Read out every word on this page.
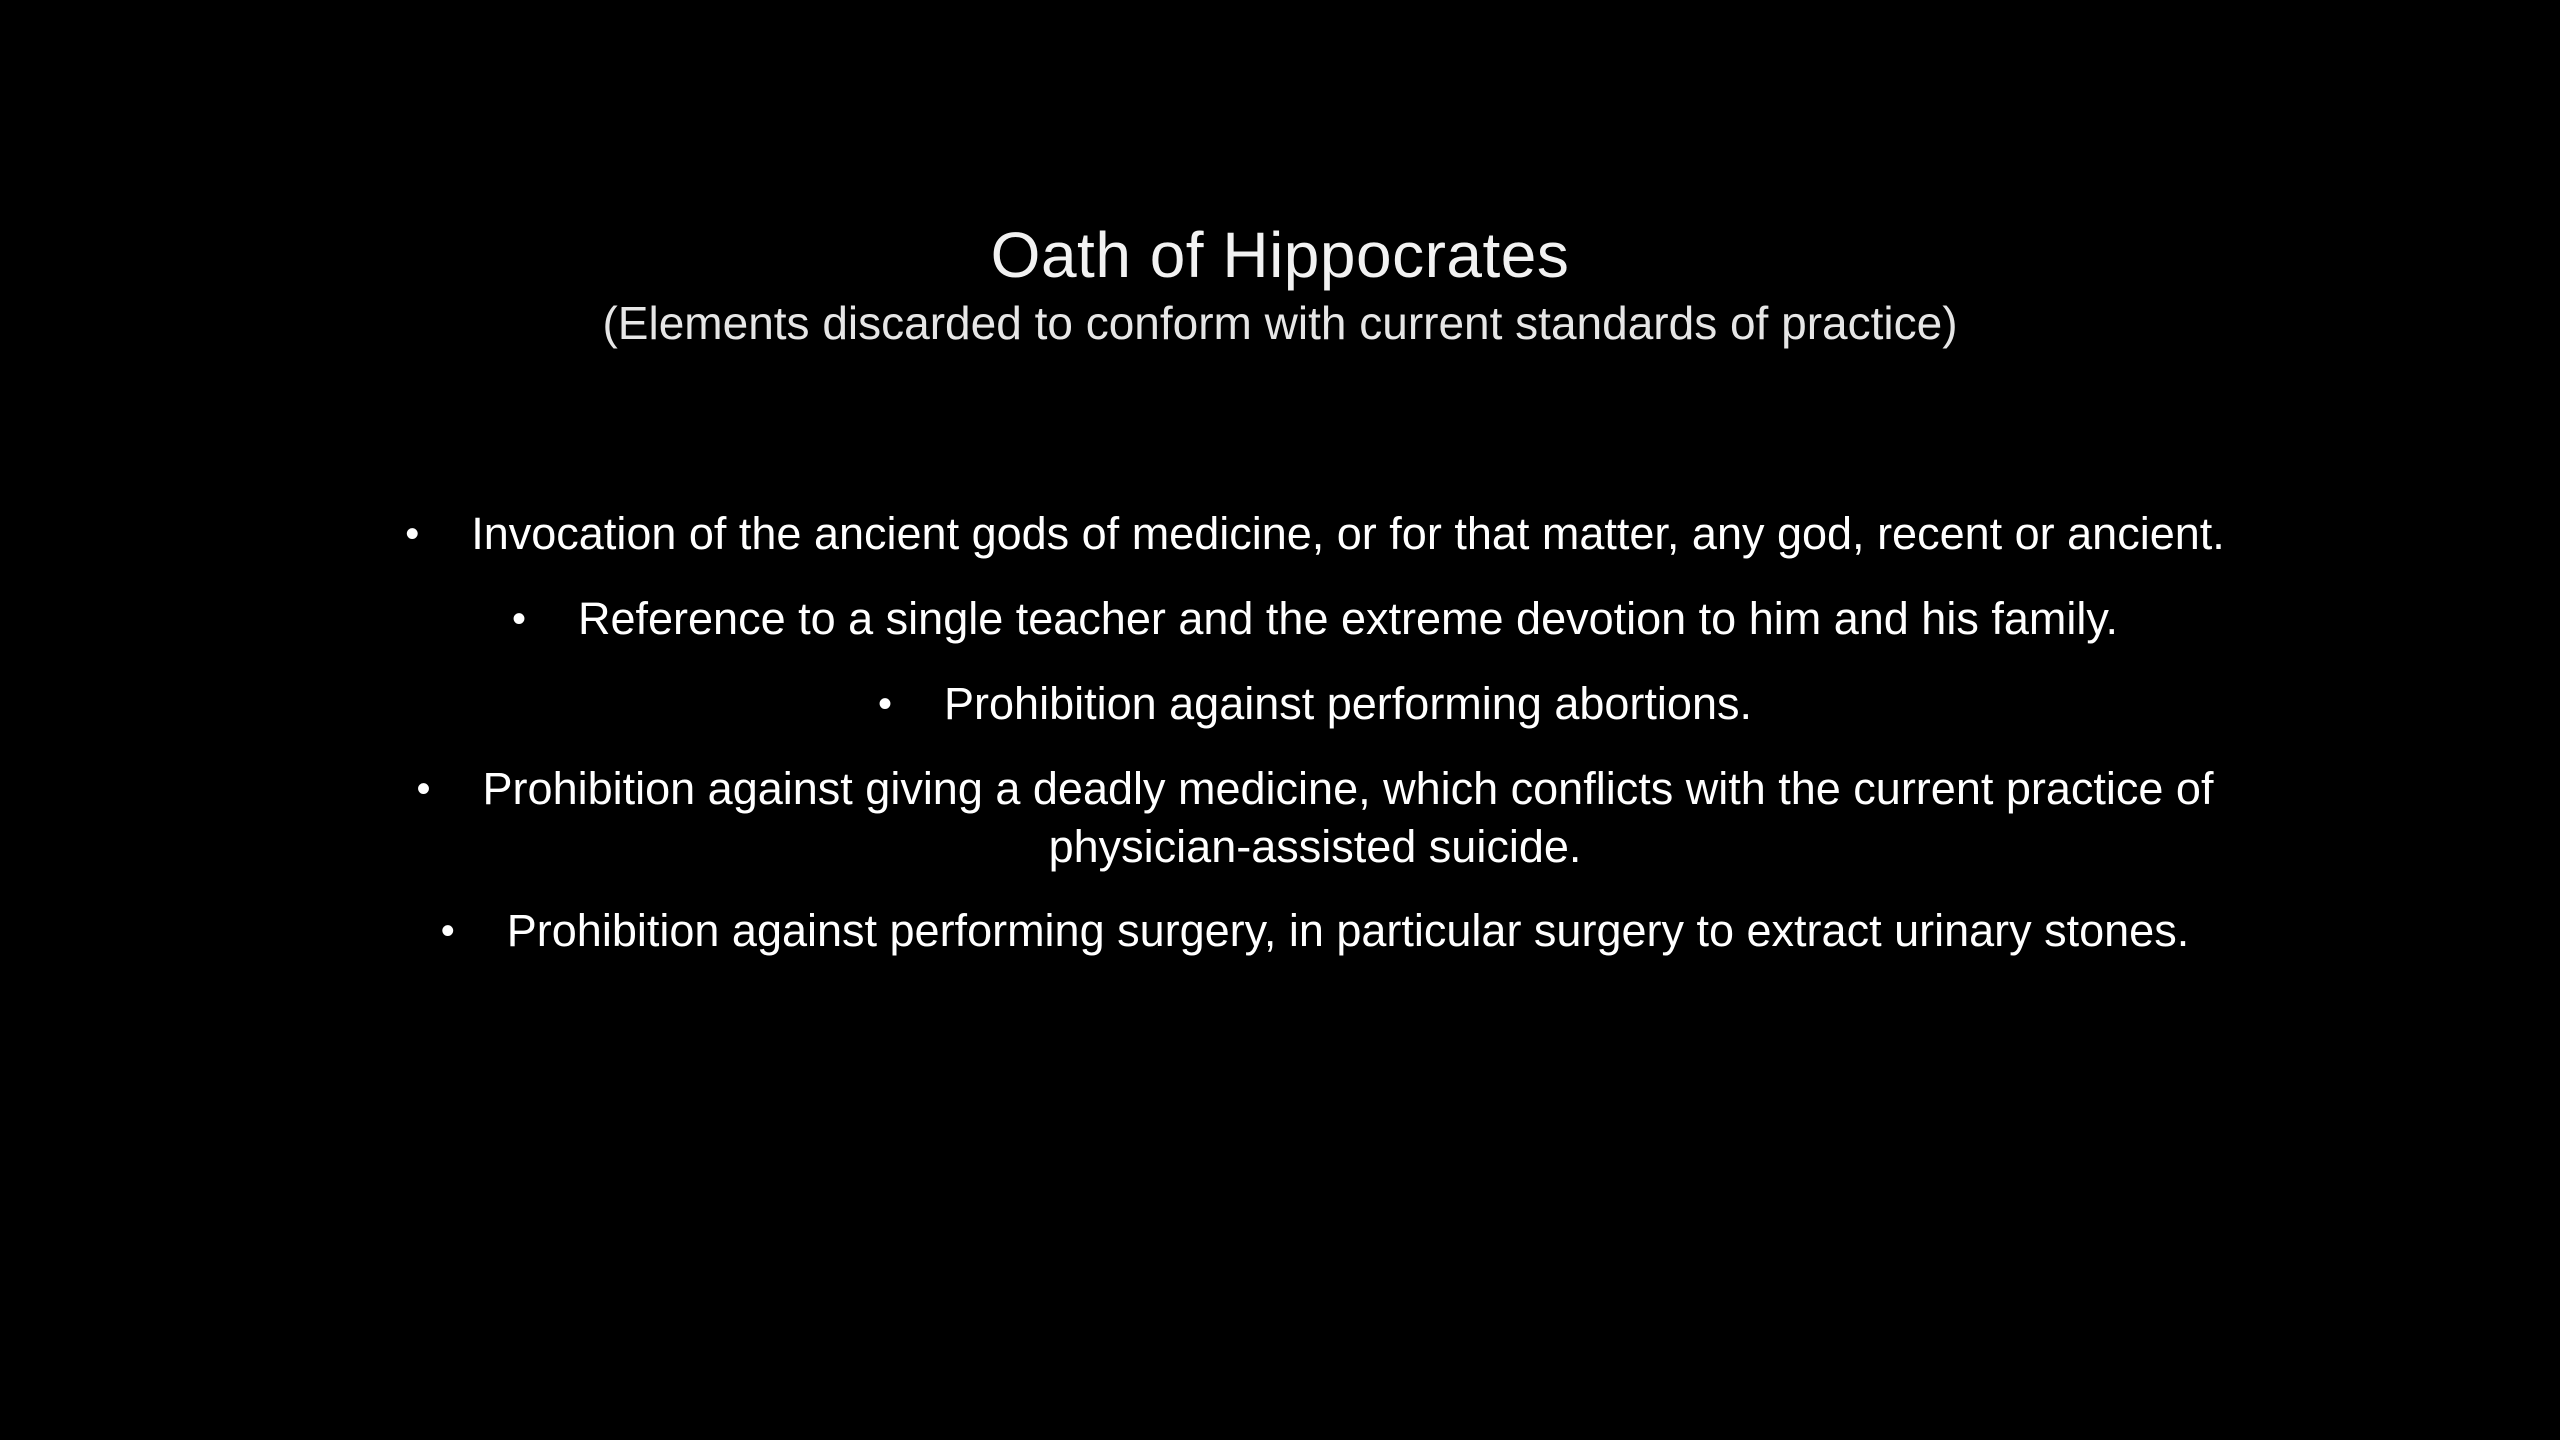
Oath of Hippocrates
(Elements discarded to conform with current standards of practice)
• Invocation of the ancient gods of medicine, or for that matter, any god, recent or ancient.
• Reference to a single teacher and the extreme devotion to him and his family.
• Prohibition against performing abortions.
• Prohibition against giving a deadly medicine, which conflicts with the current practice of physician-assisted suicide.
• Prohibition against performing surgery, in particular surgery to extract urinary stones.
